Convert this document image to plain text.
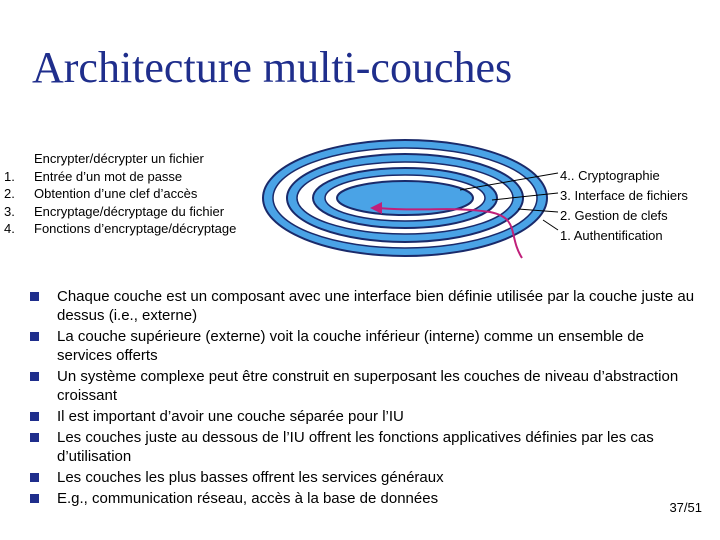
Architecture multi-couches
Encrypter/décrypter un fichier
1.	Entrée d’un mot de passe
2.	Obtention d’une clef d’accès
3.	Encryptage/décryptage du fichier
4.	Fonctions d’encryptage/décryptage
4.. Cryptographie
3. Interface de fichiers
2. Gestion de clefs
1. Authentification
Chaque couche est un composant avec une interface bien définie utilisée par la couche juste au dessus (i.e., externe)
La couche supérieure (externe) voit la couche inférieur (interne) comme un ensemble de services offerts
Un système complexe peut être construit en superposant les couches de niveau d’abstraction croissant
Il est important d’avoir une couche séparée pour l’IU
Les couches juste au dessous de l’IU offrent les fonctions applicatives définies par les cas d’utilisation
Les couches les plus basses offrent les services généraux
E.g., communication réseau, accès à la base de données
37/51
